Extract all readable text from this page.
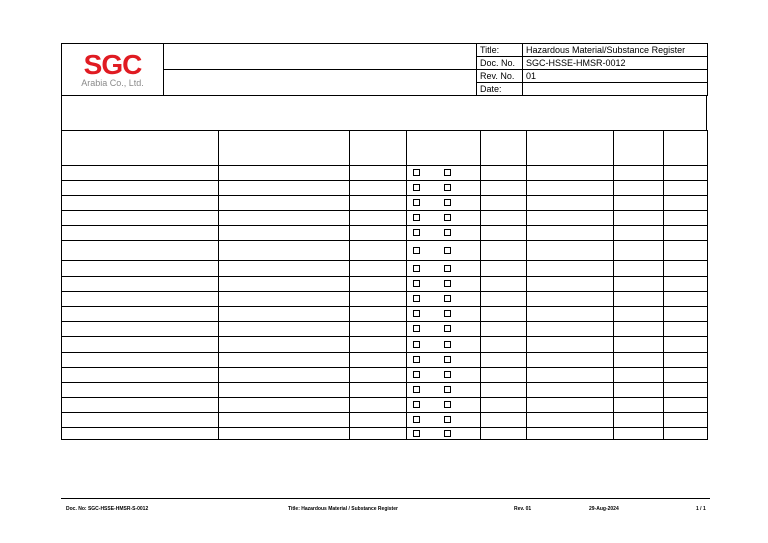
SGC
Arabia Co., Ltd.		Title:	Hazardous Material/Substance Register
		Doc. No.	SGC-HSSE-HMSR-0012
		Rev. No.	01
		Date:	

Doc. No: SGC-HSSE-HMSR-S-0012	Title: Hazardous Material / Substance Register	Rev. 01	29-Aug-2024	1 / 1
